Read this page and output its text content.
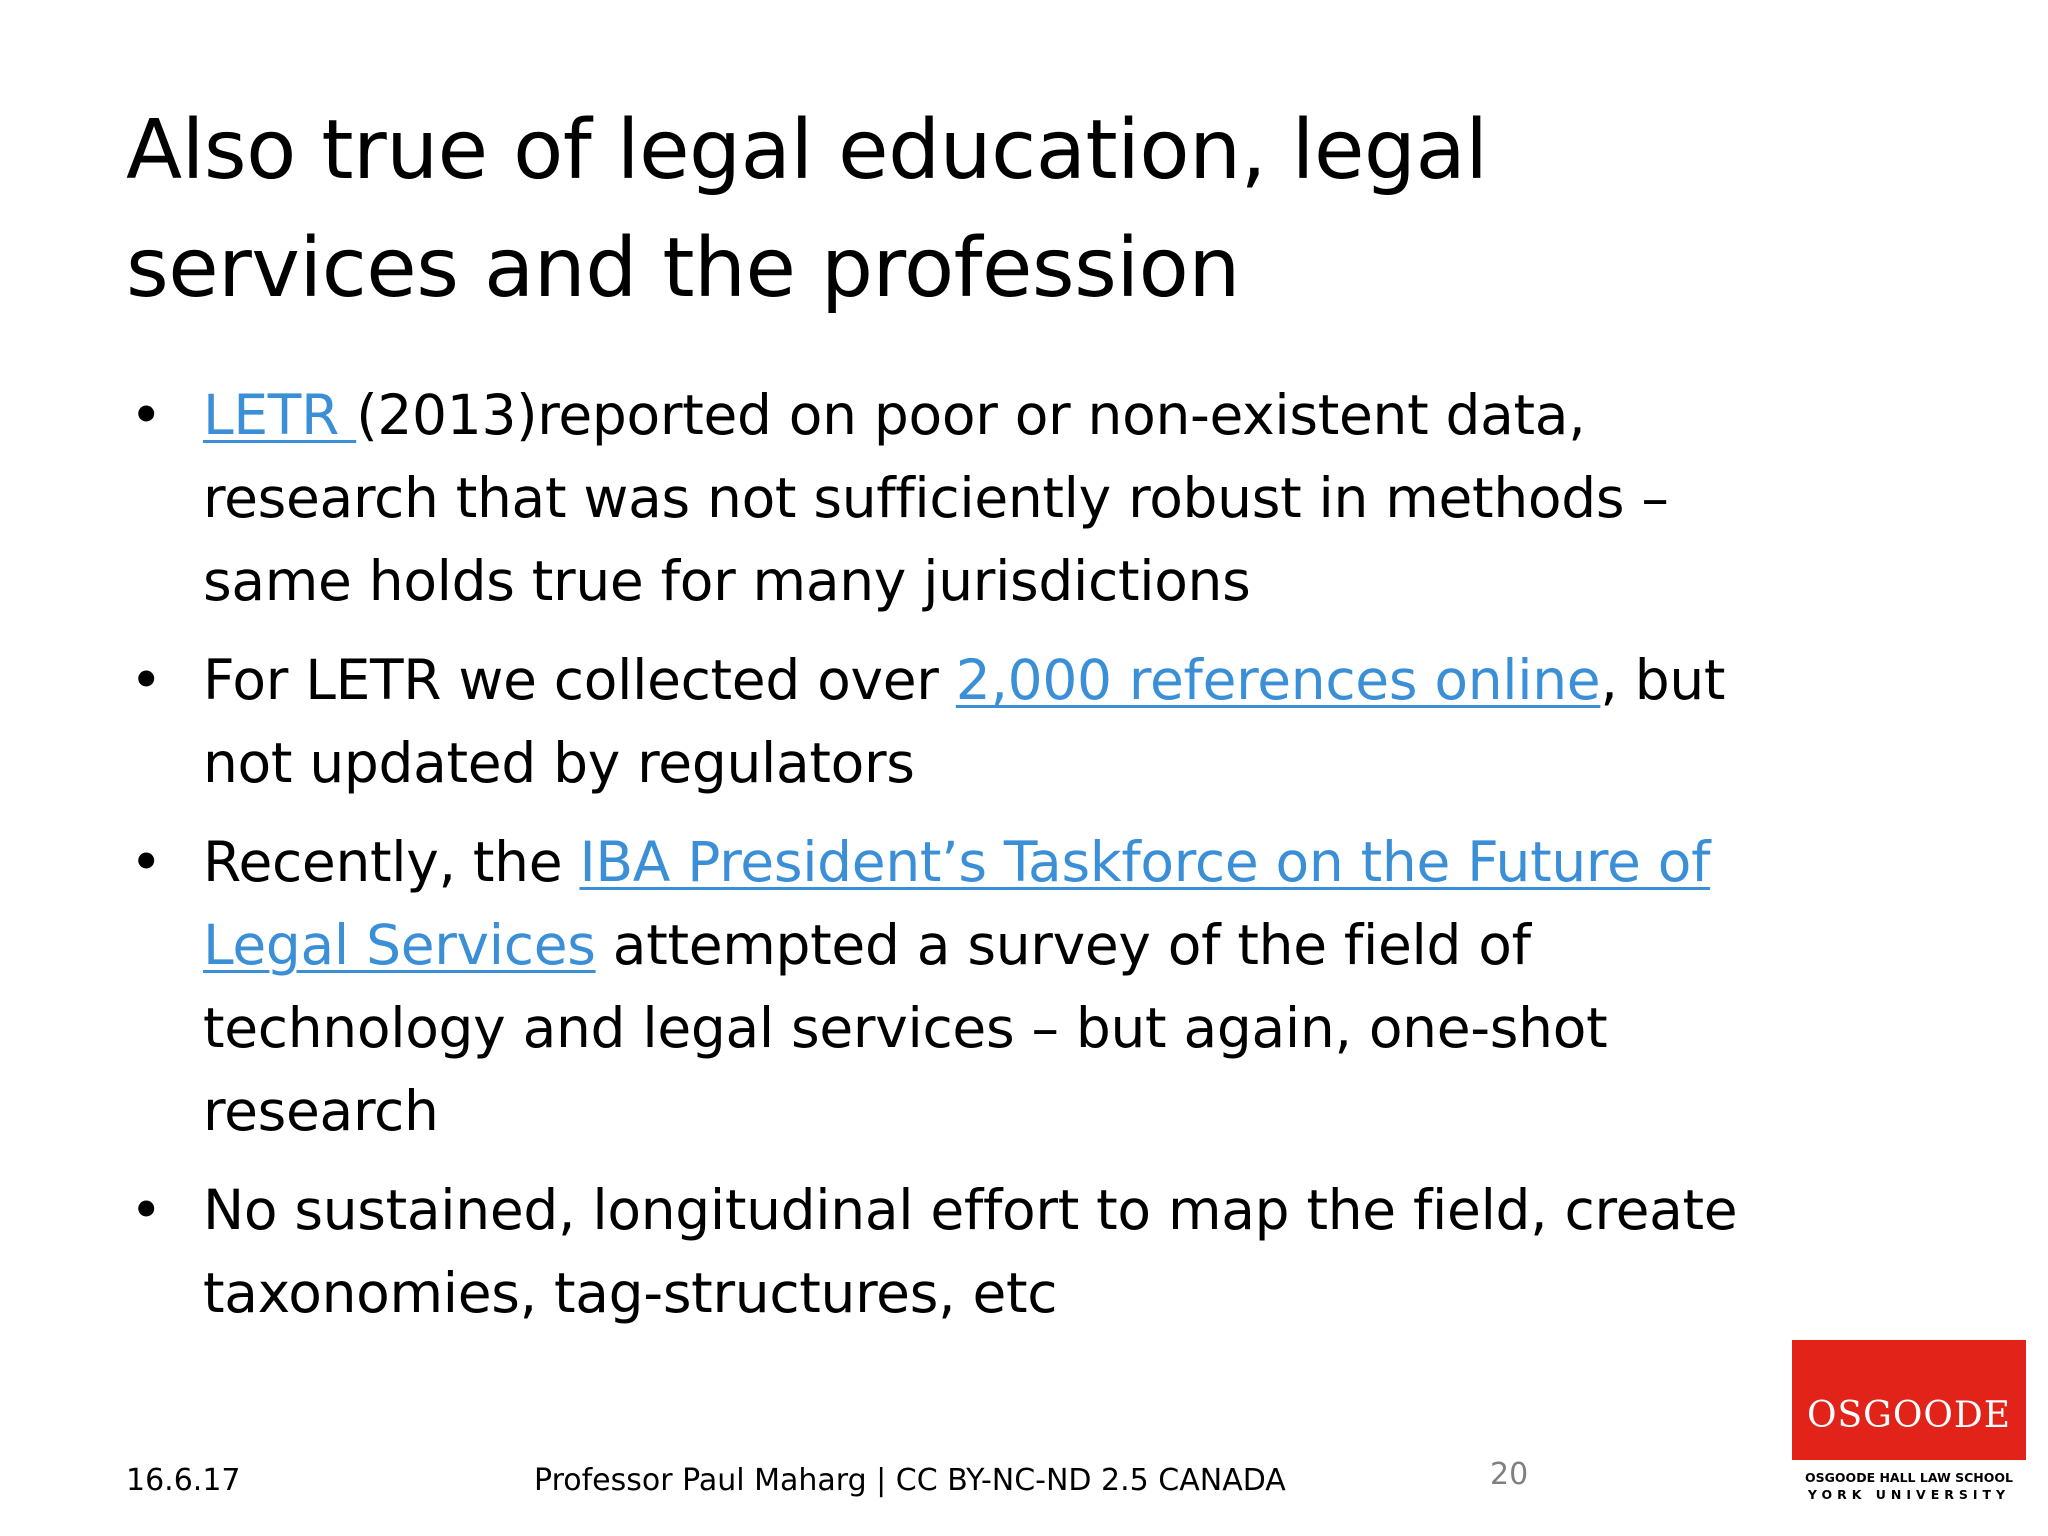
Also true of legal education, legal services and the profession
• LETR (2013)reported on poor or non-existent data, research that was not sufficiently robust in methods – same holds true for many jurisdictions
• For LETR we collected over 2,000 references online, but not updated by regulators
• Recently, the IBA President’s Taskforce on the Future of Legal Services attempted a survey of the field of technology and legal services – but again, one-shot research
• No sustained, longitudinal effort to map the field, create taxonomies, tag-structures, etc
16.6.17	Professor Paul Maharg | CC BY-NC-ND 2.5 CANADA	20
OSGOODE
OSGOODE HALL LAW SCHOOL
YORK UNIVERSITY
